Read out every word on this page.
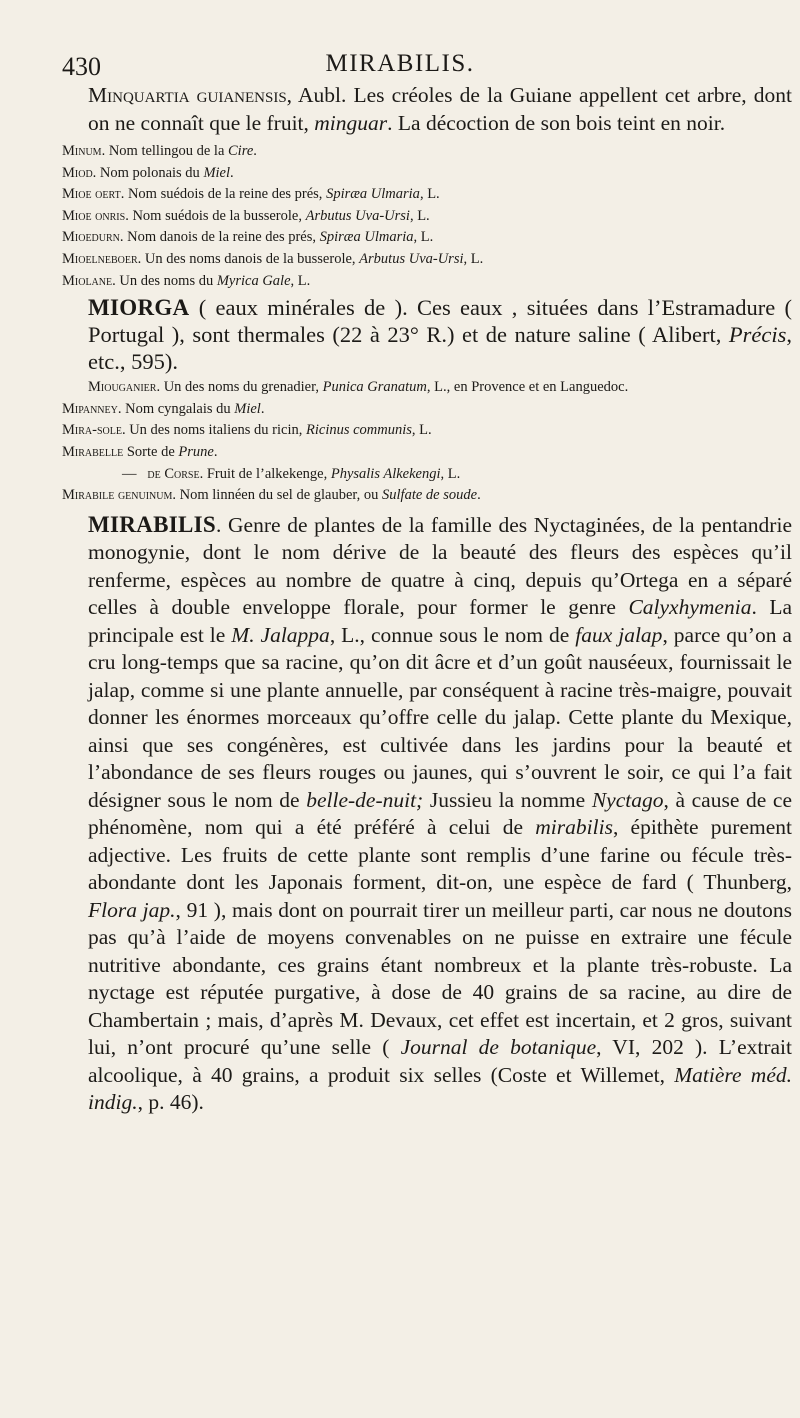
430	MIRABILIS.

Minquartia guianensis, Aubl. Les créoles de la Guiane appellent cet arbre, dont on ne connaît que le fruit, minguar. La décoction de son bois teint en noir.

Minum. Nom tellingou de la Cire.

Miod. Nom polonais du Miel.

Mioe oert. Nom suédois de la reine des prés, Spiræa Ulmaria, L.

Mioe onris. Nom suédois de la busserole, Arbutus Uva-Ursi, L.

Mioedurn. Nom danois de la reine des prés, Spiræa Ulmaria, L.

Mioelneboer. Un des noms danois de la busserole, Arbutus Uva-Ursi, L.

Miolane. Un des noms du Myrica Gale, L.

MIORGA ( eaux minérales de ). Ces eaux , situées dans l’Estramadure ( Portugal ), sont thermales (22 à 23° R.) et de nature saline ( Alibert, Précis, etc., 595).

Miouganier. Un des noms du grenadier, Punica Granatum, L., en Provence et en Languedoc.

Mipanney. Nom cyngalais du Miel.

Mira-sole. Un des noms italiens du ricin, Ricinus communis, L.

Mirabelle Sorte de Prune.

— de Corse. Fruit de l’alkekenge, Physalis Alkekengi, L.

Mirabile genuinum. Nom linnéen du sel de glauber, ou Sulfate de soude.

MIRABILIS. Genre de plantes de la famille des Nyctaginées, de la pentandrie monogynie, dont le nom dérive de la beauté des fleurs des espèces qu’il renferme, espèces au nombre de quatre à cinq, depuis qu’Ortega en a séparé celles à double enveloppe florale, pour former le genre Calyxhymenia. La principale est le M. Jalappa, L., connue sous le nom de faux jalap, parce qu’on a cru long-temps que sa racine, qu’on dit âcre et d’un goût nauséeux, fournissait le jalap, comme si une plante annuelle, par conséquent à racine très-maigre, pouvait donner les énormes morceaux qu’offre celle du jalap. Cette plante du Mexique, ainsi que ses congénères, est cultivée dans les jardins pour la beauté et l’abondance de ses fleurs rouges ou jaunes, qui s’ouvrent le soir, ce qui l’a fait désigner sous le nom de belle-de-nuit; Jussieu la nomme Nyctago, à cause de ce phénomène, nom qui a été préféré à celui de mirabilis, épithète purement adjective. Les fruits de cette plante sont remplis d’une farine ou fécule très-abondante dont les Japonais forment, dit-on, une espèce de fard ( Thunberg, Flora jap., 91 ), mais dont on pourrait tirer un meilleur parti, car nous ne doutons pas qu’à l’aide de moyens convenables on ne puisse en extraire une fécule nutritive abondante, ces grains étant nombreux et la plante très-robuste. La nyctage est réputée purgative, à dose de 40 grains de sa racine, au dire de Chambertain ; mais, d’après M. Devaux, cet effet est incertain, et 2 gros, suivant lui, n’ont procuré qu’une selle ( Journal de botanique, VI, 202 ). L’extrait alcoolique, à 40 grains, a produit six selles (Coste et Willemet, Matière méd. indig., p. 46).
